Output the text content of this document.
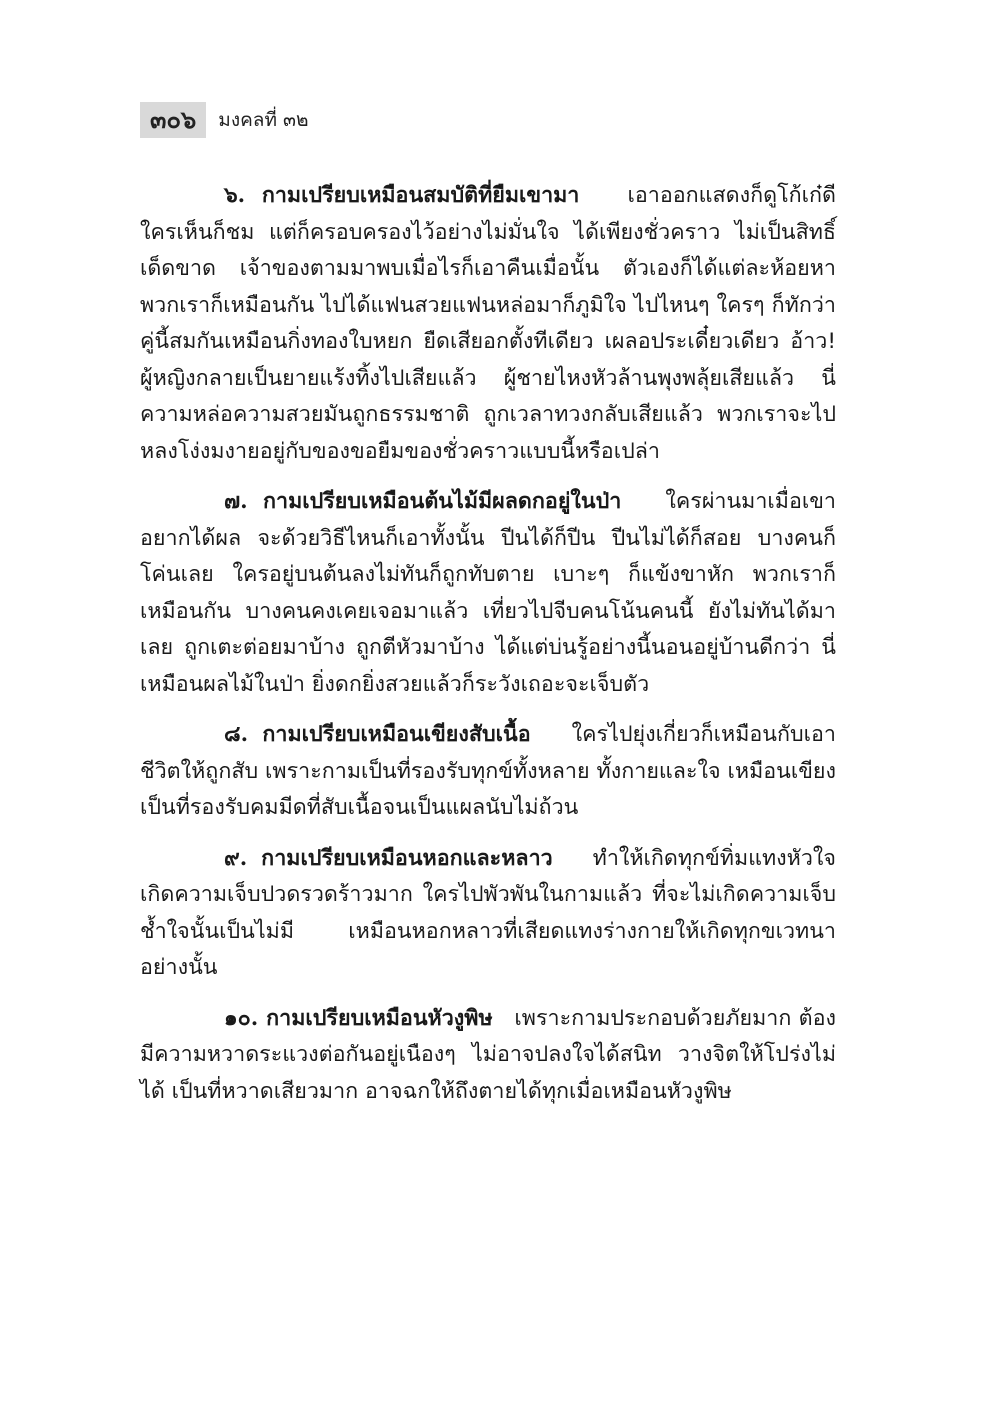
๓๐๖	มงคลที่ ๓๒

๖. กามเปรียบเหมือนสมบัติที่ยืมเขามา เอาออกแสดงก็ดูโก้เก๋ดี ใครเห็นก็ชม แต่ก็ครอบครองไว้อย่างไม่มั่นใจ ได้เพียงชั่วคราว ไม่เป็นสิทธิ์เด็ดขาด เจ้าของตามมาพบเมื่อไรก็เอาคืนเมื่อนั้น ตัวเองก็ได้แต่ละห้อยหา พวกเราก็เหมือนกัน ไปได้แฟนสวยแฟนหล่อมาก็ภูมิใจ ไปไหนๆ ใครๆ ก็ทักว่าคู่นี้สมกันเหมือนกิ่งทองใบหยก ยืดเสียอกตั้งทีเดียว เผลอประเดี๋ยวเดียว อ้าว! ผู้หญิงกลายเป็นยายแร้งทิ้งไปเสียแล้ว ผู้ชายไหงหัวล้านพุงพลุ้ยเสียแล้ว นี่ความหล่อความสวยมันถูกธรรมชาติ ถูกเวลาทวงกลับเสียแล้ว พวกเราจะไปหลงโง่งมงายอยู่กับของขอยืมของชั่วคราวแบบนี้หรือเปล่า

๗. กามเปรียบเหมือนต้นไม้มีผลดกอยู่ในป่า ใครผ่านมาเมื่อเขาอยากได้ผล จะด้วยวิธีไหนก็เอาทั้งนั้น ปีนได้ก็ปีน ปีนไม่ได้ก็สอย บางคนก็โค่นเลย ใครอยู่บนต้นลงไม่ทันก็ถูกทับตาย เบาะๆ ก็แข้งขาหัก พวกเราก็เหมือนกัน บางคนคงเคยเจอมาแล้ว เที่ยวไปจีบคนโน้นคนนี้ ยังไม่ทันได้มาเลย ถูกเตะต่อยมาบ้าง ถูกตีหัวมาบ้าง ได้แต่บ่นรู้อย่างนี้นอนอยู่บ้านดีกว่า นี่เหมือนผลไม้ในป่า ยิ่งดกยิ่งสวยแล้วก็ระวังเถอะจะเจ็บตัว

๘. กามเปรียบเหมือนเขียงสับเนื้อ ใครไปยุ่งเกี่ยวก็เหมือนกับเอาชีวิตให้ถูกสับ เพราะกามเป็นที่รองรับทุกข์ทั้งหลาย ทั้งกายและใจ เหมือนเขียงเป็นที่รองรับคมมีดที่สับเนื้อจนเป็นแผลนับไม่ถ้วน

๙. กามเปรียบเหมือนหอกและหลาว ทำให้เกิดทุกข์ทิ่มแทงหัวใจ เกิดความเจ็บปวดรวดร้าวมาก ใครไปพัวพันในกามแล้ว ที่จะไม่เกิดความเจ็บช้ำใจนั้นเป็นไม่มี เหมือนหอกหลาวที่เสียดแทงร่างกายให้เกิดทุกขเวทนาอย่างนั้น

๑๐. กามเปรียบเหมือนหัวงูพิษ เพราะกามประกอบด้วยภัยมาก ต้องมีความหวาดระแวงต่อกันอยู่เนืองๆ ไม่อาจปลงใจได้สนิท วางจิตให้โปร่งไม่ได้ เป็นที่หวาดเสียวมาก อาจฉกให้ถึงตายได้ทุกเมื่อเหมือนหัวงูพิษ
